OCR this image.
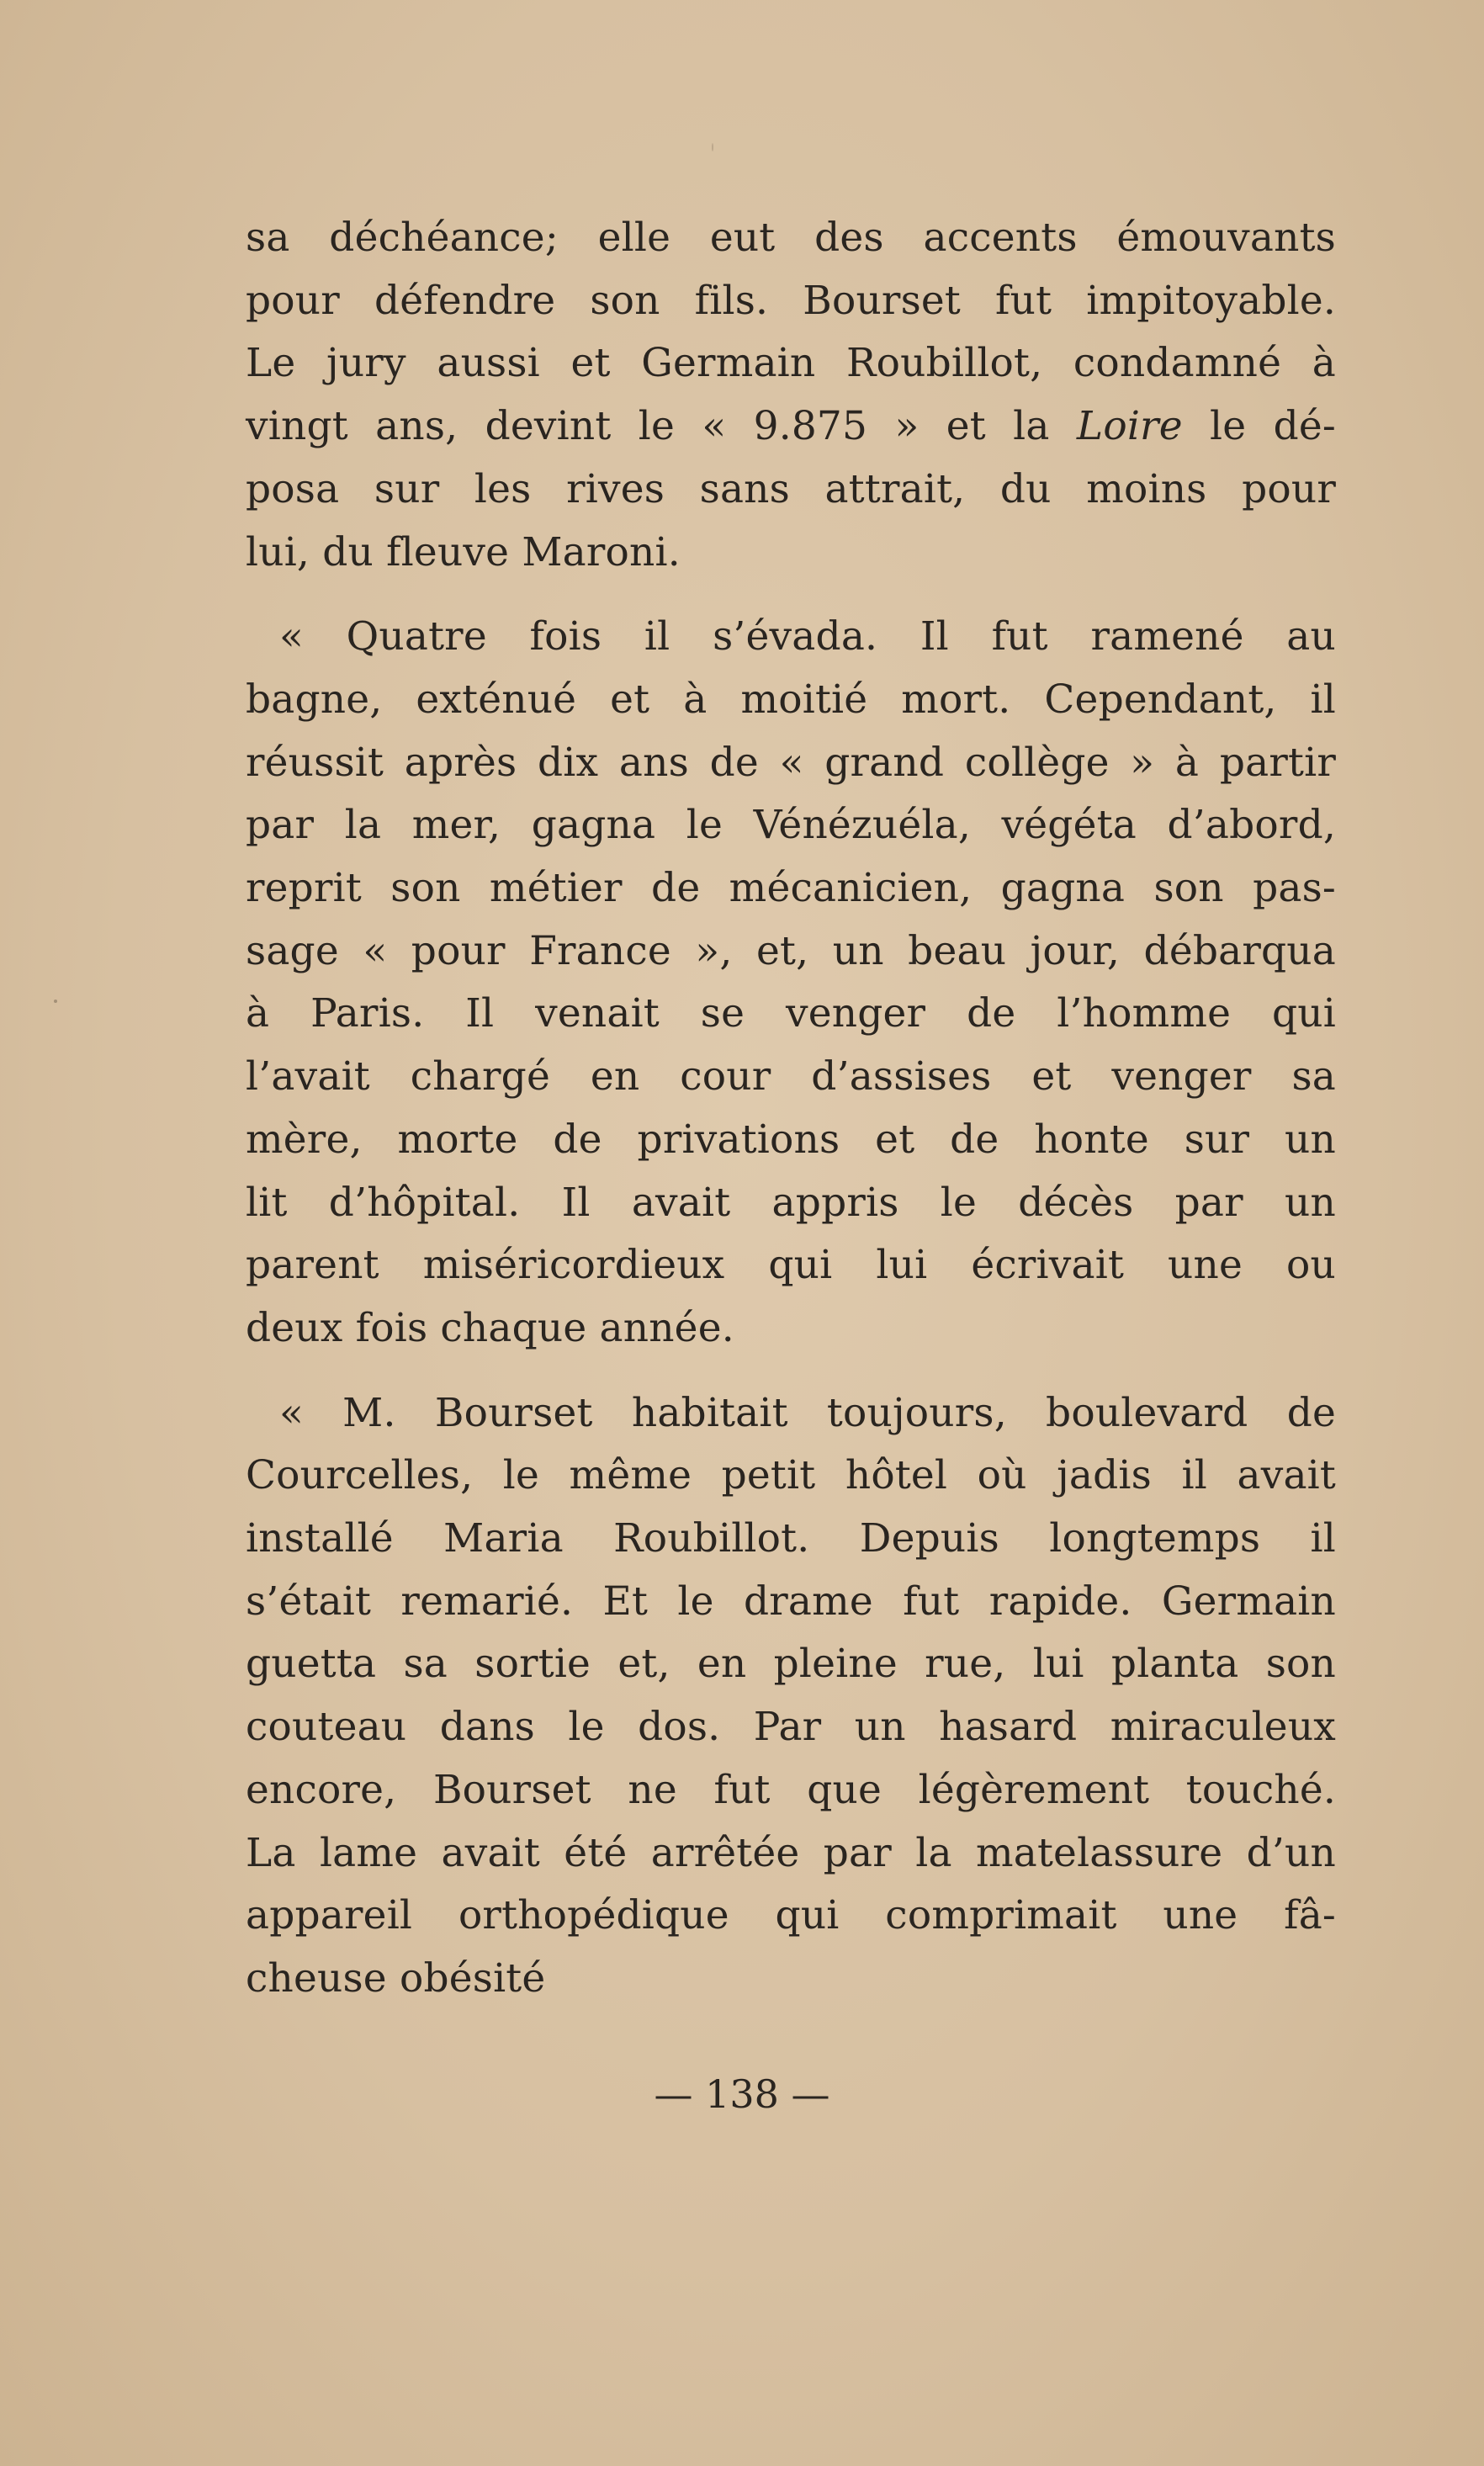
sa déchéance; elle eut des accents émouvants
pour défendre son fils. Bourset fut impitoyable.
Le jury aussi et Germain Roubillot, condamné à
vingt ans, devint le « 9.875 » et la Loire le dé-
posa sur les rives sans attrait, du moins pour
lui, du fleuve Maroni.

« Quatre fois il s’évada. Il fut ramené au
bagne, exténué et à moitié mort. Cependant, il
réussit après dix ans de « grand collège » à partir
par la mer, gagna le Vénézuéla, végéta d’abord,
reprit son métier de mécanicien, gagna son pas-
sage « pour France », et, un beau jour, débarqua
à Paris. Il venait se venger de l’homme qui
l’avait chargé en cour d’assises et venger sa
mère, morte de privations et de honte sur un
lit d’hôpital. Il avait appris le décès par un
parent miséricordieux qui lui écrivait une ou
deux fois chaque année.

« M. Bourset habitait toujours, boulevard de
Courcelles, le même petit hôtel où jadis il avait
installé Maria Roubillot. Depuis longtemps il
s’était remarié. Et le drame fut rapide. Germain
guetta sa sortie et, en pleine rue, lui planta son
couteau dans le dos. Par un hasard miraculeux
encore, Bourset ne fut que légèrement touché.
La lame avait été arrêtée par la matelassure d’un
appareil orthopédique qui comprimait une fâ-
cheuse obésité

— 138 —
